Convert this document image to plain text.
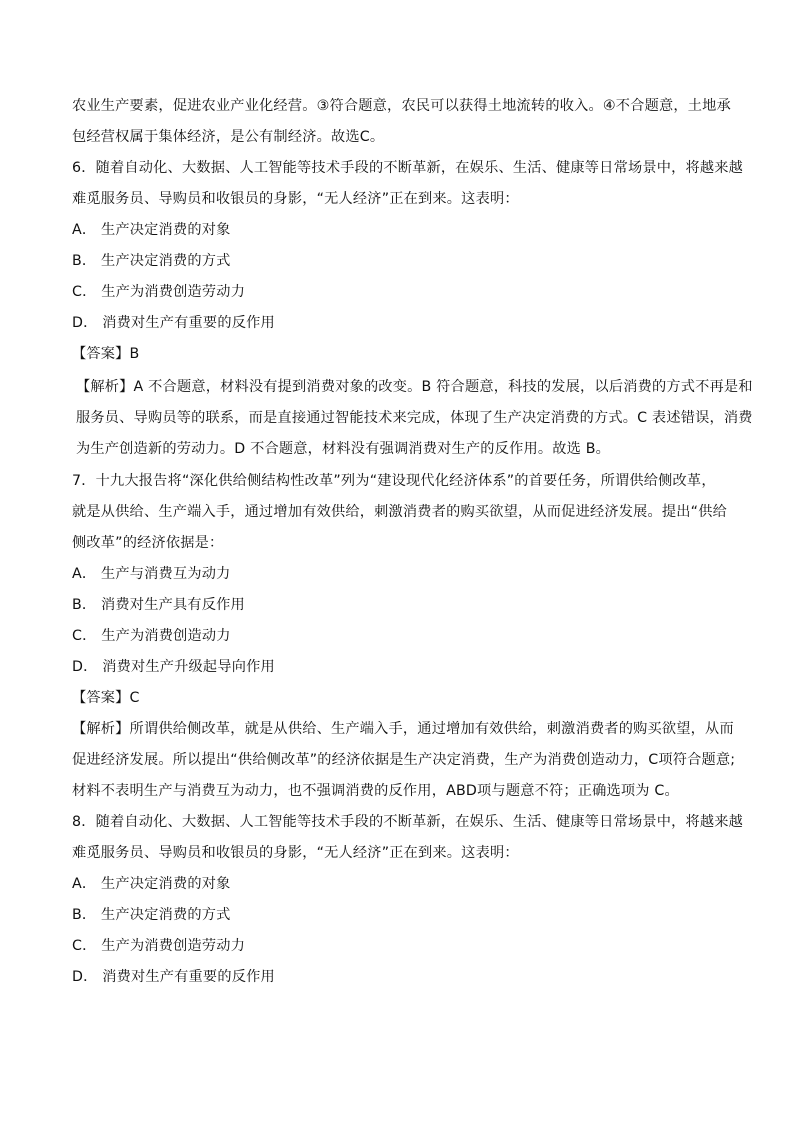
农业生产要素，促进农业产业化经营。③符合题意，农民可以获得土地流转的收入。④不合题意，土地承

包经营权属于集体经济，是公有制经济。故选C。

6．随着自动化、大数据、人工智能等技术手段的不断革新，在娱乐、生活、健康等日常场景中，将越来越

难觅服务员、导购员和收银员的身影，“无人经济”正在到来。这表明：

A． 生产决定消费的对象

B． 生产决定消费的方式

C． 生产为消费创造劳动力

D． 消费对生产有重要的反作用

【答案】B

【解析】A 不合题意，材料没有提到消费对象的改变。B 符合题意，科技的发展，以后消费的方式不再是和

服务员、导购员等的联系，而是直接通过智能技术来完成，体现了生产决定消费的方式。C 表述错误，消费

为生产创造新的劳动力。D 不合题意，材料没有强调消费对生产的反作用。故选 B。

7．十九大报告将“深化供给侧结构性改革”列为“建设现代化经济体系”的首要任务，所谓供给侧改革，

就是从供给、生产端入手，通过增加有效供给，刺激消费者的购买欲望，从而促进经济发展。提出“供给

侧改革”的经济依据是：

A． 生产与消费互为动力

B． 消费对生产具有反作用

C． 生产为消费创造动力

D． 消费对生产升级起导向作用

【答案】C

【解析】所谓供给侧改革，就是从供给、生产端入手，通过增加有效供给，刺激消费者的购买欲望，从而

促进经济发展。所以提出“供给侧改革”的经济依据是生产决定消费，生产为消费创造动力，C项符合题意;

材料不表明生产与消费互为动力，也不强调消费的反作用，ABD项与题意不符；正确选项为 C。

8．随着自动化、大数据、人工智能等技术手段的不断革新，在娱乐、生活、健康等日常场景中，将越来越

难觅服务员、导购员和收银员的身影，“无人经济”正在到来。这表明：

A． 生产决定消费的对象

B． 生产决定消费的方式

C． 生产为消费创造劳动力

D． 消费对生产有重要的反作用
